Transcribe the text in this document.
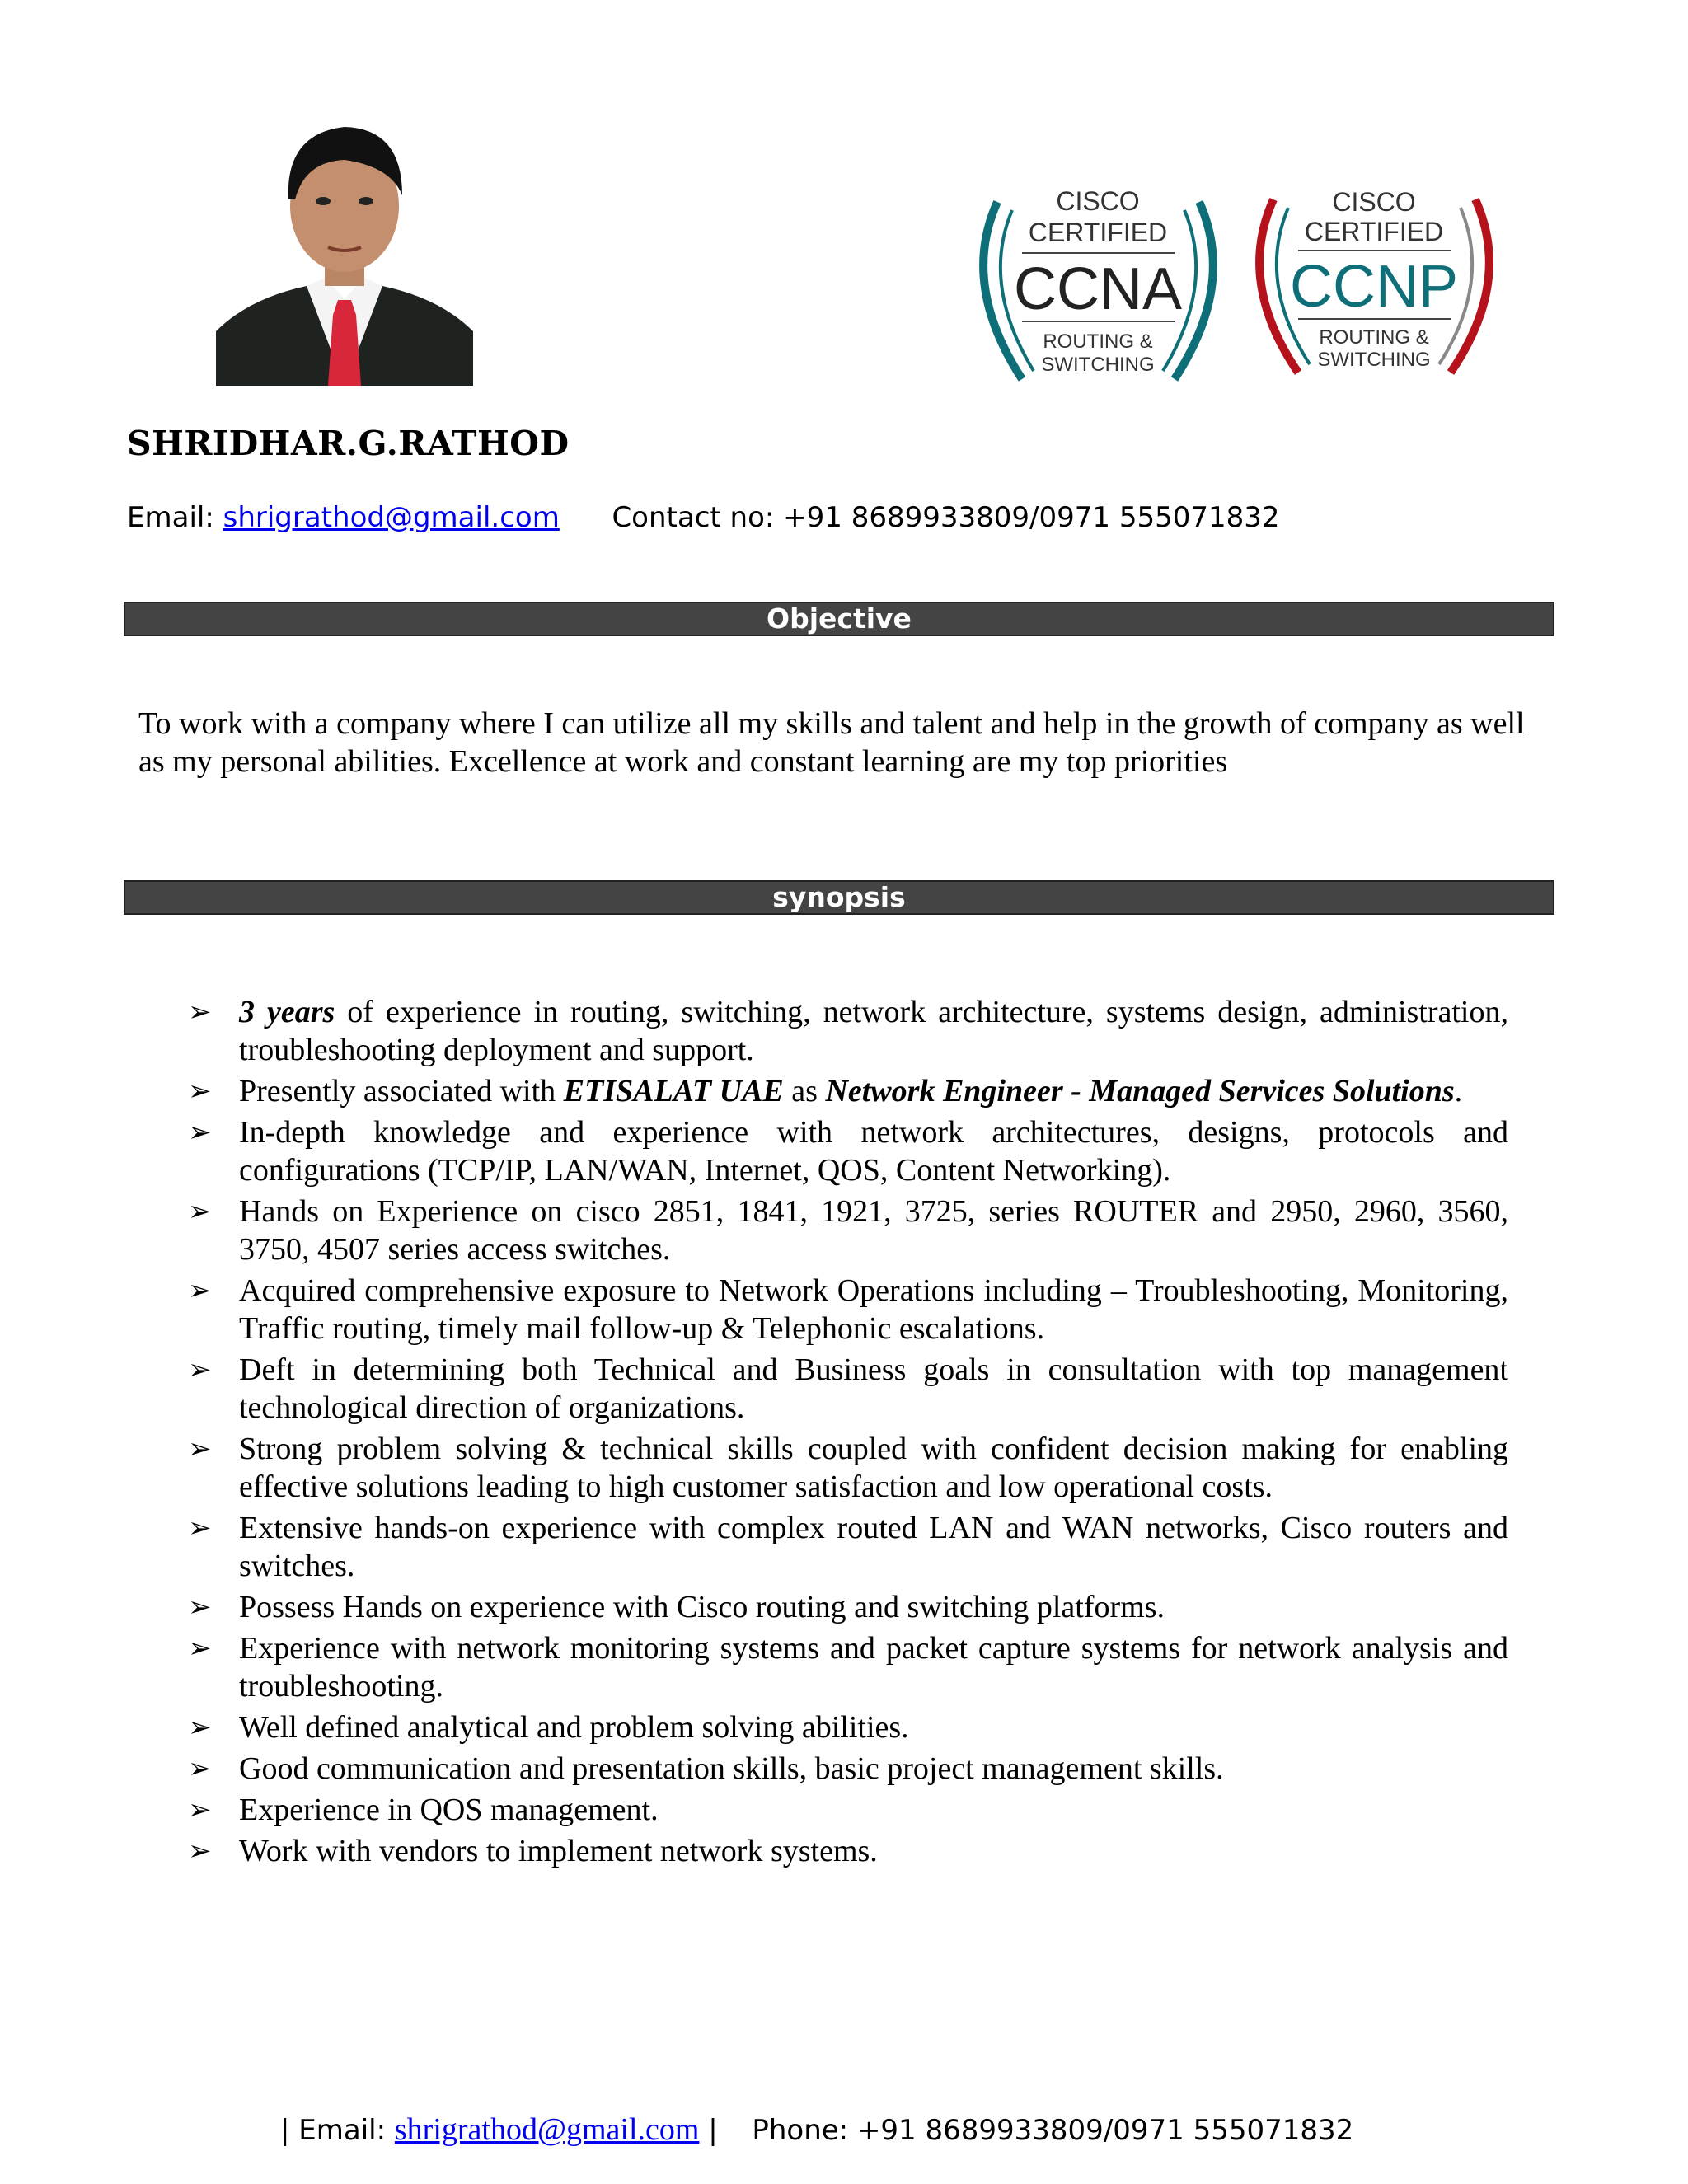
CISCO
CERTIFIED
CCNA
ROUTING &
SWITCHING
CISCO
CERTIFIED
CCNP
ROUTING &
SWITCHING
SHRIDHAR.G.RATHOD
Email: shrigrathod@gmail.com Contact no: +91 8689933809/0971 555071832
Objective
To work with a company where I can utilize all my skills and talent and help in the growth of company as well as my personal abilities. Excellence at work and constant learning are my top priorities
synopsis
➢ 3 years of experience in routing, switching, network architecture, systems design, administration, troubleshooting deployment and support.
➢ Presently associated with ETISALAT UAE as Network Engineer - Managed Services Solutions.
➢ In-depth knowledge and experience with network architectures, designs, protocols and configurations (TCP/IP, LAN/WAN, Internet, QOS, Content Networking).
➢ Hands on Experience on cisco 2851, 1841, 1921, 3725, series ROUTER and 2950, 2960, 3560, 3750, 4507 series access switches.
➢ Acquired comprehensive exposure to Network Operations including – Troubleshooting, Monitoring, Traffic routing, timely mail follow-up & Telephonic escalations.
➢ Deft in determining both Technical and Business goals in consultation with top management technological direction of organizations.
➢ Strong problem solving & technical skills coupled with confident decision making for enabling effective solutions leading to high customer satisfaction and low operational costs.
➢ Extensive hands-on experience with complex routed LAN and WAN networks, Cisco routers and switches.
➢ Possess Hands on experience with Cisco routing and switching platforms.
➢ Experience with network monitoring systems and packet capture systems for network analysis and troubleshooting.
➢ Well defined analytical and problem solving abilities.
➢ Good communication and presentation skills, basic project management skills.
➢ Experience in QOS management.
➢ Work with vendors to implement network systems.
| Email: shrigrathod@gmail.com | Phone: +91 8689933809/0971 555071832
